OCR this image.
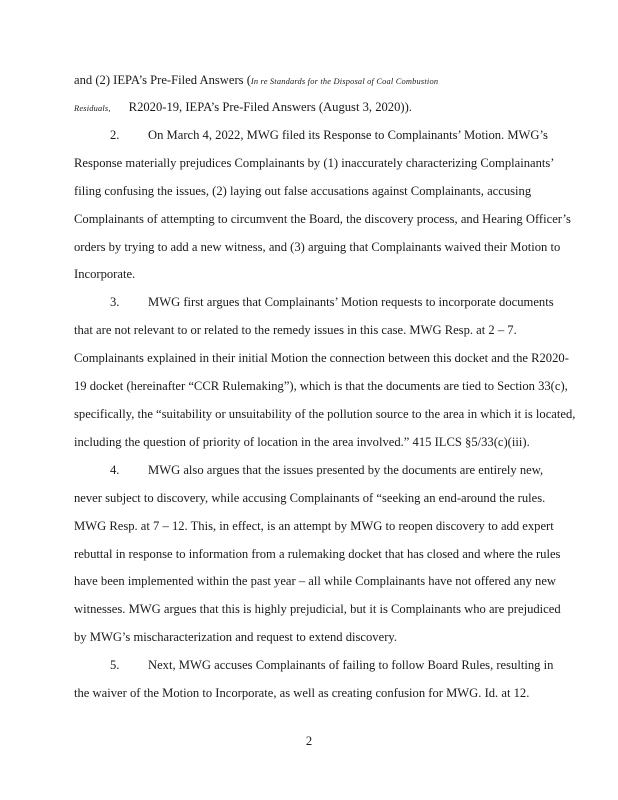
and (2) IEPA’s Pre-Filed Answers (In re Standards for the Disposal of Coal Combustion
Residuals, R2020-19, IEPA’s Pre-Filed Answers (August 3, 2020)).
2. On March 4, 2022, MWG filed its Response to Complainants’ Motion. MWG’s
Response materially prejudices Complainants by (1) inaccurately characterizing Complainants’
filing confusing the issues, (2) laying out false accusations against Complainants, accusing
Complainants of attempting to circumvent the Board, the discovery process, and Hearing Officer’s
orders by trying to add a new witness, and (3) arguing that Complainants waived their Motion to
Incorporate.
3. MWG first argues that Complainants’ Motion requests to incorporate documents
that are not relevant to or related to the remedy issues in this case. MWG Resp. at 2 – 7.
Complainants explained in their initial Motion the connection between this docket and the R2020-
19 docket (hereinafter “CCR Rulemaking”), which is that the documents are tied to Section 33(c),
specifically, the “suitability or unsuitability of the pollution source to the area in which it is located,
including the question of priority of location in the area involved.” 415 ILCS §5/33(c)(iii).
4. MWG also argues that the issues presented by the documents are entirely new,
never subject to discovery, while accusing Complainants of “seeking an end-around the rules.
MWG Resp. at 7 – 12. This, in effect, is an attempt by MWG to reopen discovery to add expert
rebuttal in response to information from a rulemaking docket that has closed and where the rules
have been implemented within the past year – all while Complainants have not offered any new
witnesses. MWG argues that this is highly prejudicial, but it is Complainants who are prejudiced
by MWG’s mischaracterization and request to extend discovery.
5. Next, MWG accuses Complainants of failing to follow Board Rules, resulting in
the waiver of the Motion to Incorporate, as well as creating confusion for MWG. Id. at 12.
2
